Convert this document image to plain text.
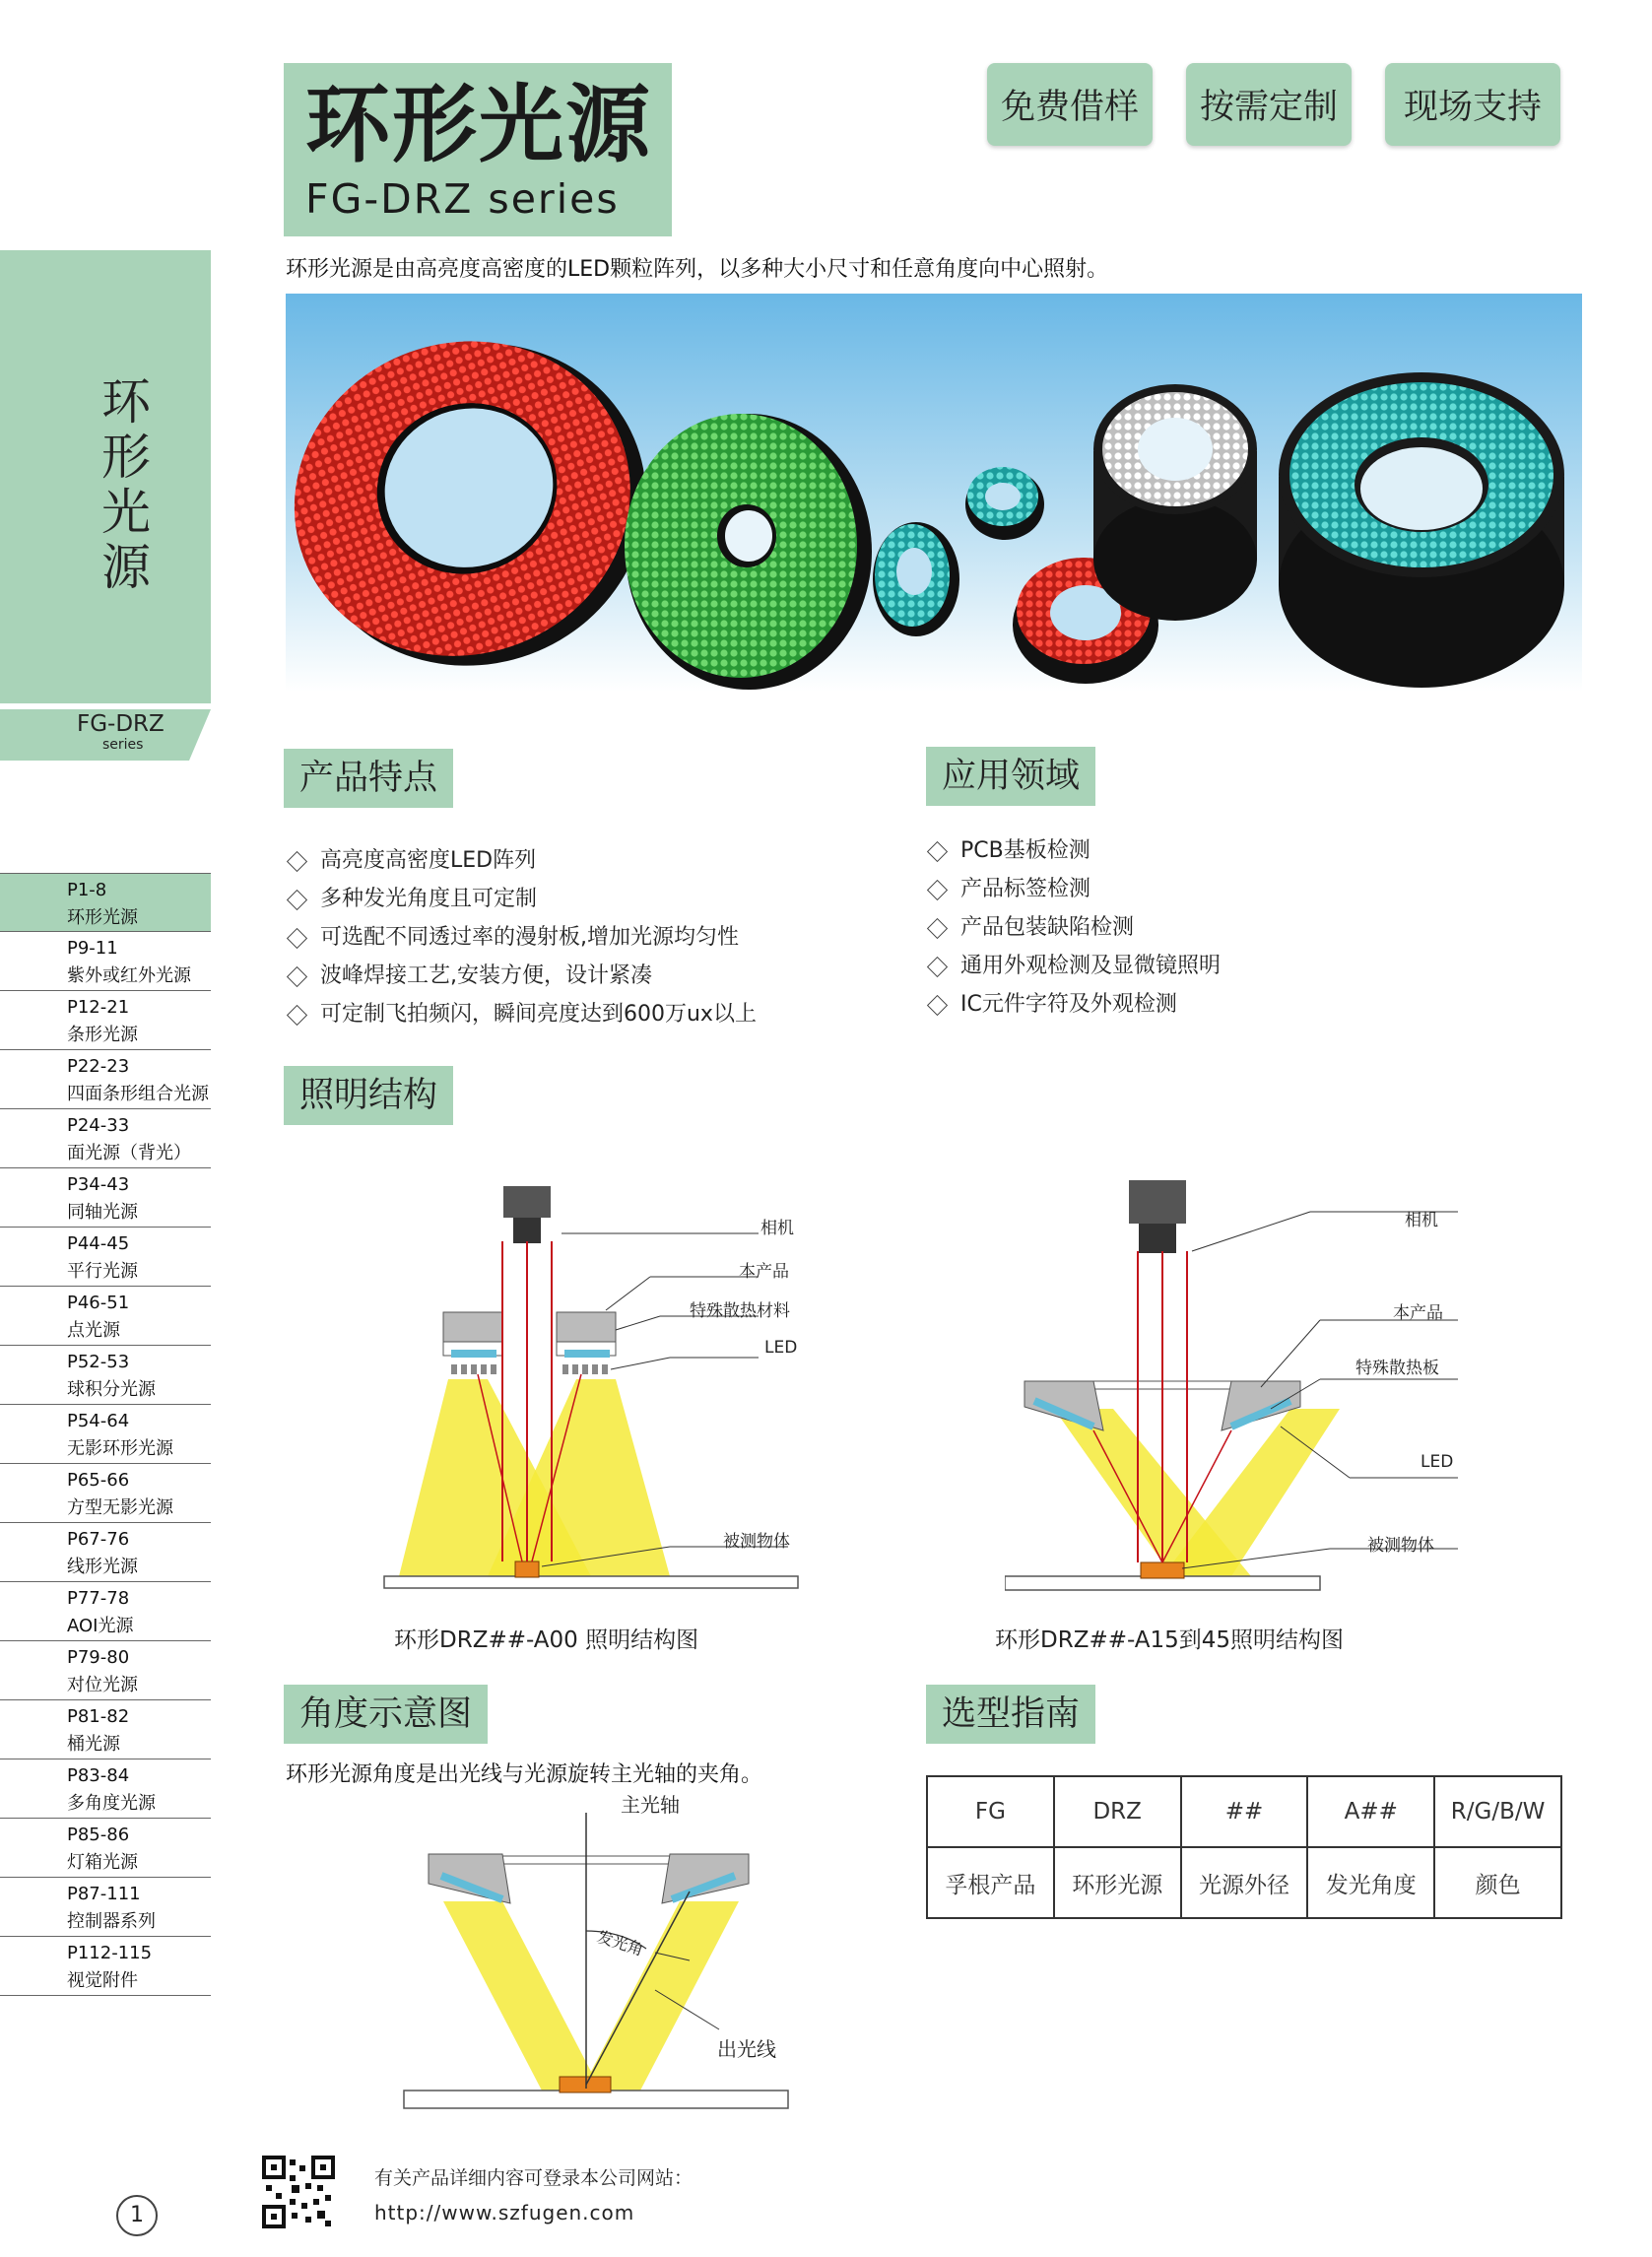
环形光源
FG-DRZ series
免费借样	按需定制	现场支持
环形光源是由高亮度高密度的LED颗粒阵列，以多种大小尺寸和任意角度向中心照射。
环
形
光
源
FG-DRZ
series
P1-8
环形光源
P9-11
紫外或红外光源
P12-21
条形光源
P22-23
四面条形组合光源
P24-33
面光源（背光）
P34-43
同轴光源
P44-45
平行光源
P46-51
点光源
P52-53
球积分光源
P54-64
无影环形光源
P65-66
方型无影光源
P67-76
线形光源
P77-78
AOI光源
P79-80
对位光源
P81-82
桶光源
P83-84
多角度光源
P85-86
灯箱光源
P87-111
控制器系列
P112-115
视觉附件
产品特点
高亮度高密度LED阵列
多种发光角度且可定制
可选配不同透过率的漫射板,增加光源均匀性
波峰焊接工艺,安装方便，设计紧凑
可定制飞拍频闪，瞬间亮度达到600万ux以上
应用领域
PCB基板检测
产品标签检测
产品包装缺陷检测
通用外观检测及显微镜照明
IC元件字符及外观检测
照明结构
相机
本产品
特殊散热材料
LED
被测物体
环形DRZ##-A00 照明结构图
相机
本产品
特殊散热板
LED
被测物体
环形DRZ##-A15到45照明结构图
角度示意图
环形光源角度是出光线与光源旋转主光轴的夹角。
主光轴
发光角
出光线
选型指南
FG	DRZ	##	A##	R/G/B/W
孚根产品	环形光源	光源外径	发光角度	颜色
有关产品详细内容可登录本公司网站：
http://www.szfugen.com
1
